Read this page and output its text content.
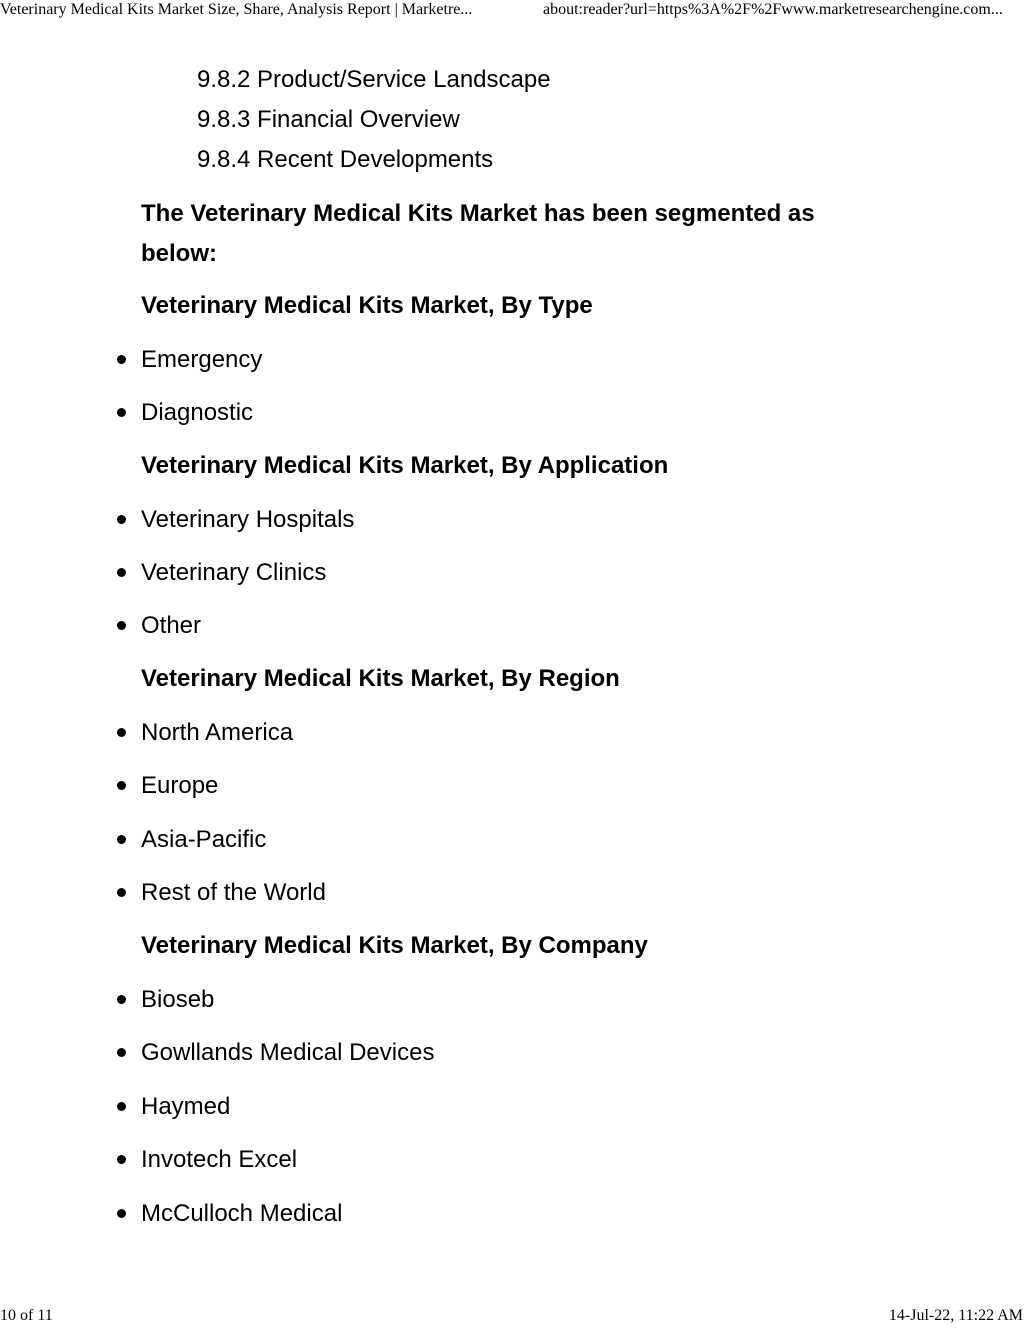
Veterinary Medical Kits Market Size, Share, Analysis Report | Marketre...	about:reader?url=https%3A%2F%2Fwww.marketresearchengine.com...
9.8.2 Product/Service Landscape
9.8.3 Financial Overview
9.8.4 Recent Developments
The Veterinary Medical Kits Market has been segmented as below:
Veterinary Medical Kits Market, By Type
Emergency
Diagnostic
Veterinary Medical Kits Market, By Application
Veterinary Hospitals
Veterinary Clinics
Other
Veterinary Medical Kits Market, By Region
North America
Europe
Asia-Pacific
Rest of the World
Veterinary Medical Kits Market, By Company
Bioseb
Gowllands Medical Devices
Haymed
Invotech Excel
McCulloch Medical
10 of 11	14-Jul-22, 11:22 AM
